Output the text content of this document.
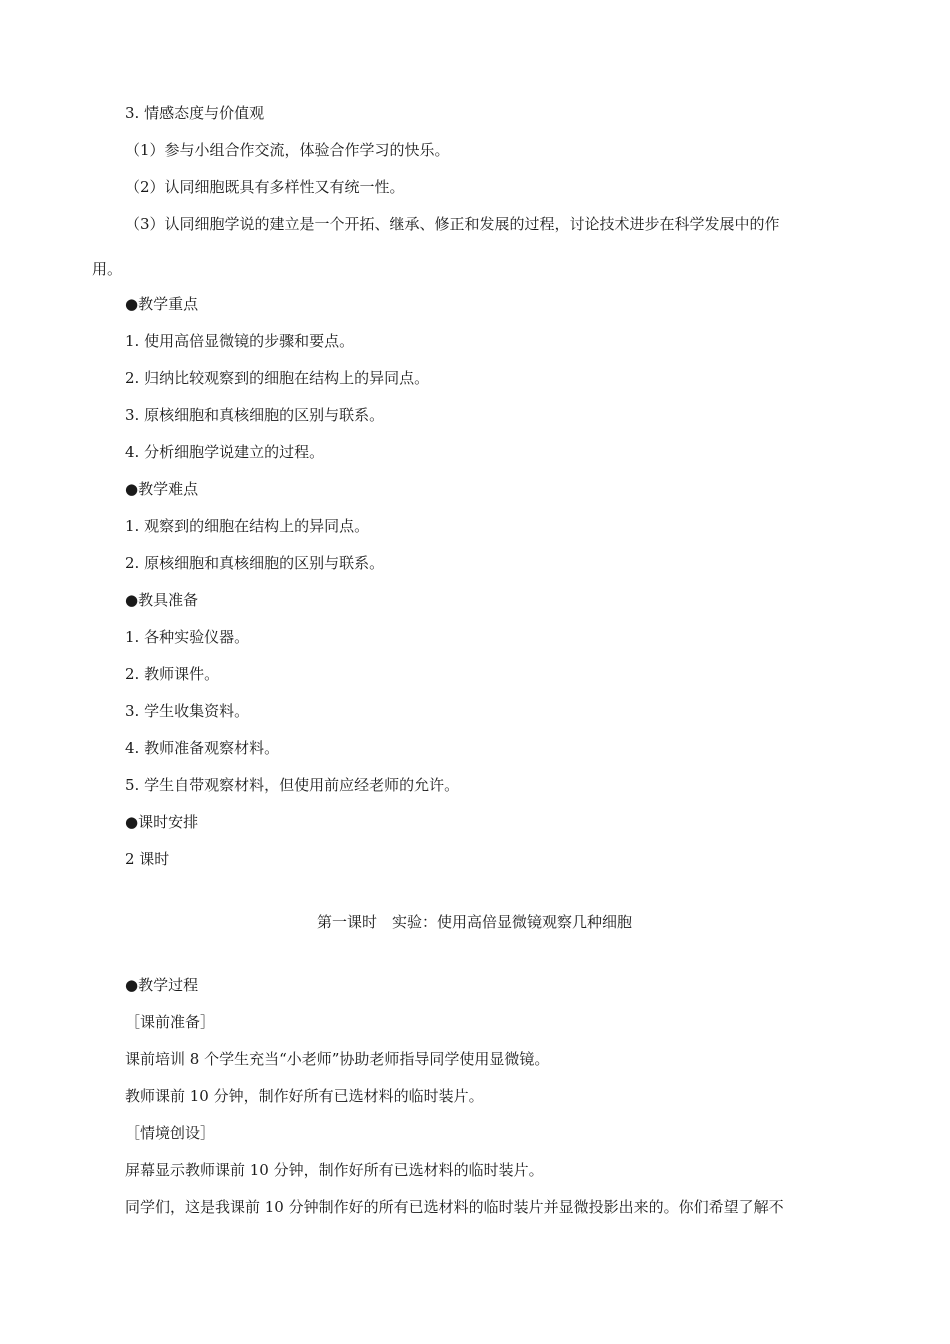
3. 情感态度与价值观
（1）参与小组合作交流，体验合作学习的快乐。
（2）认同细胞既具有多样性又有统一性。
（3）认同细胞学说的建立是一个开拓、继承、修正和发展的过程，讨论技术进步在科学发展中的作
用。
●教学重点
1. 使用高倍显微镜的步骤和要点。
2. 归纳比较观察到的细胞在结构上的异同点。
3. 原核细胞和真核细胞的区别与联系。
4. 分析细胞学说建立的过程。
●教学难点
1. 观察到的细胞在结构上的异同点。
2. 原核细胞和真核细胞的区别与联系。
●教具准备
1. 各种实验仪器。
2. 教师课件。
3. 学生收集资料。
4. 教师准备观察材料。
5. 学生自带观察材料，但使用前应经老师的允许。
●课时安排
2 课时
第一课时　实验：使用高倍显微镜观察几种细胞
●教学过程
［课前准备］
课前培训 8 个学生充当“小老师”协助老师指导同学使用显微镜。
教师课前 10 分钟，制作好所有已选材料的临时装片。
［情境创设］
屏幕显示教师课前 10 分钟，制作好所有已选材料的临时装片。
同学们，这是我课前 10 分钟制作好的所有已选材料的临时装片并显微投影出来的。你们希望了解不
